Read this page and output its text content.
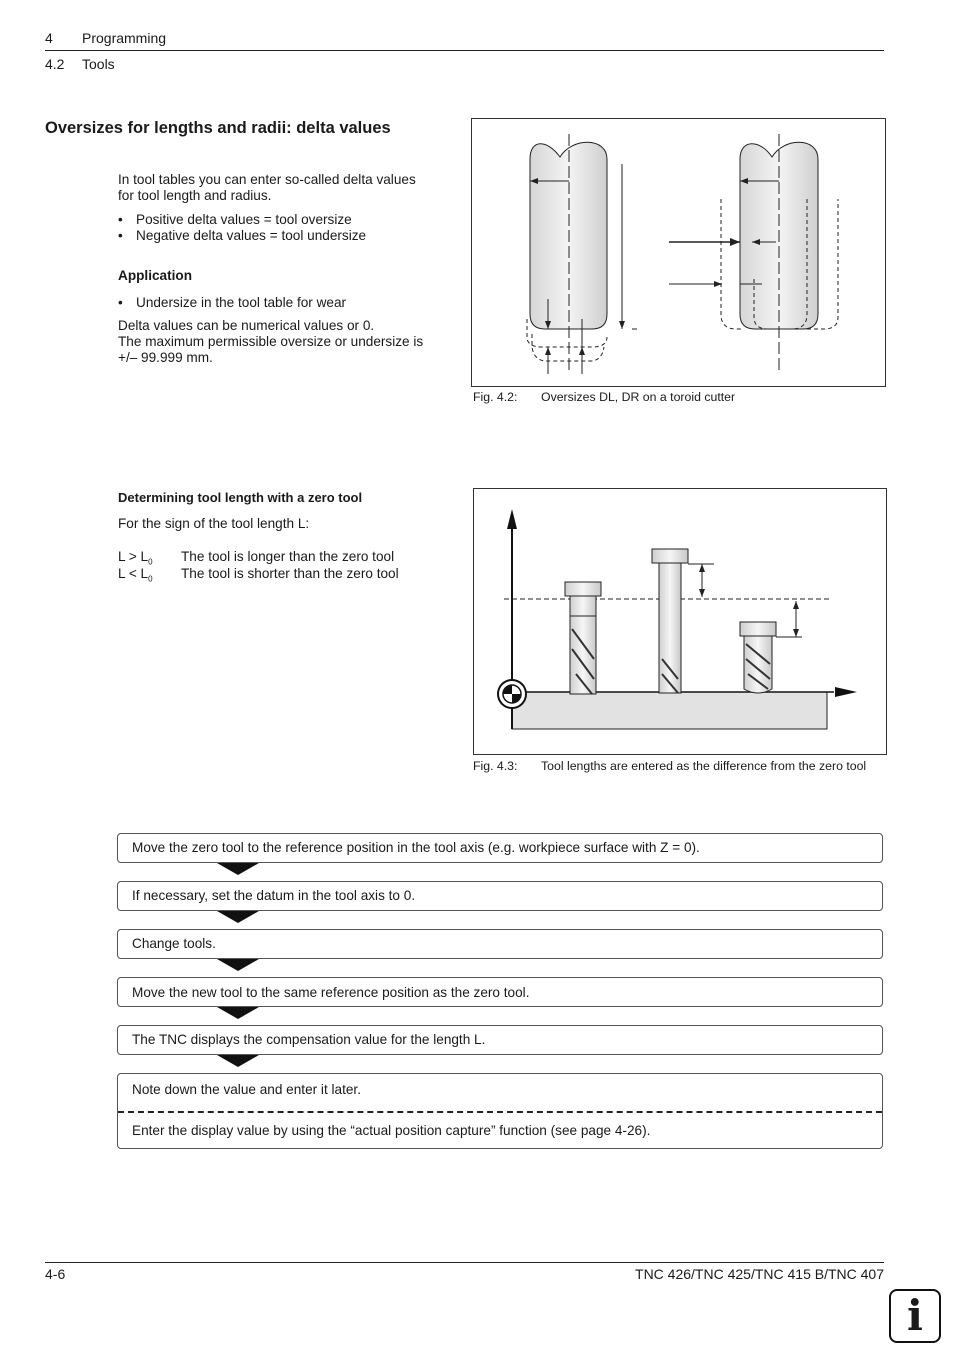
4 Programming
4.2 Tools
Oversizes for lengths and radii: delta values
In tool tables you can enter so-called delta values
for tool length and radius.
• Positive delta values = tool oversize
• Negative delta values = tool undersize
Application
• Undersize in the tool table for wear
Delta values can be numerical values or 0.
The maximum permissible oversize or undersize is
+/– 99.999 mm.
Fig. 4.2: Oversizes DL, DR on a toroid cutter
Determining tool length with a zero tool
For the sign of the tool length L:
$L > L_0$ The tool is longer than the zero tool
$L < L_0$ The tool is shorter than the zero tool
Fig. 4.3: Tool lengths are entered as the difference from the zero tool
Move the zero tool to the reference position in the tool axis (e.g. workpiece surface with Z = 0).
If necessary, set the datum in the tool axis to 0.
Change tools.
Move the new tool to the same reference position as the zero tool.
The TNC displays the compensation value for the length L.
Note down the value and enter it later.
Enter the display value by using the “actual position capture” function (see page 4-26).
4-6	TNC 426/TNC 425/TNC 415 B/TNC 407
i
